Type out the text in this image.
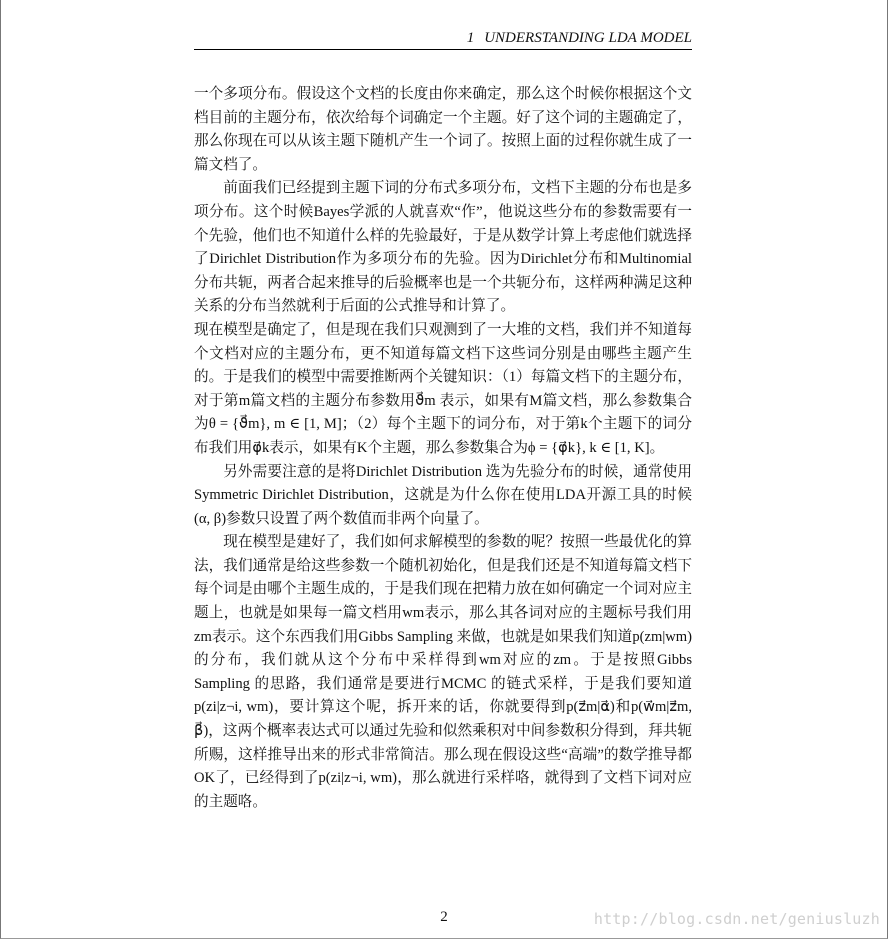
1 UNDERSTANDING LDA MODEL

一个多项分布。假设这个文档的长度由你来确定，那么这个时候你根据这个文档目前的主题分布，依次给每个词确定一个主题。好了这个词的主题确定了，那么你现在可以从该主题下随机产生一个词了。按照上面的过程你就生成了一篇文档了。

前面我们已经提到主题下词的分布式多项分布，文档下主题的分布也是多项分布。这个时候Bayes学派的人就喜欢“作”，他说这些分布的参数需要有一个先验，他们也不知道什么样的先验最好，于是从数学计算上考虑他们就选择了Dirichlet Distribution作为多项分布的先验。因为Dirichlet分布和Multinomial分布共轭，两者合起来推导的后验概率也是一个共轭分布，这样两种满足这种关系的分布当然就利于后面的公式推导和计算了。

现在模型是确定了，但是现在我们只观测到了一大堆的文档，我们并不知道每个文档对应的主题分布，更不知道每篇文档下这些词分别是由哪些主题产生的。于是我们的模型中需要推断两个关键知识：（1）每篇文档下的主题分布，对于第m篇文档的主题分布参数用ϑ⃗m 表示，如果有M篇文档，那么参数集合为θ = {ϑ⃗m}, m ∈ [1, M]；（2）每个主题下的词分布，对于第k个主题下的词分布我们用φ⃗k表示，如果有K个主题，那么参数集合为ϕ = {φ⃗k}, k ∈ [1, K]。

另外需要注意的是将Dirichlet Distribution 选为先验分布的时候，通常使用Symmetric Dirichlet Distribution，这就是为什么你在使用LDA开源工具的时候(α, β)参数只设置了两个数值而非两个向量了。

现在模型是建好了，我们如何求解模型的参数的呢？按照一些最优化的算法，我们通常是给这些参数一个随机初始化，但是我们还是不知道每篇文档下每个词是由哪个主题生成的，于是我们现在把精力放在如何确定一个词对应主题上，也就是如果每一篇文档用wm表示，那么其各词对应的主题标号我们用zm表示。这个东西我们用Gibbs Sampling 来做，也就是如果我们知道p(zm|wm)的分布，我们就从这个分布中采样得到wm对应的zm。于是按照Gibbs Sampling 的思路，我们通常是要进行MCMC 的链式采样，于是我们要知道p(zi|z¬i, wm)，要计算这个呢，拆开来的话，你就要得到p(z⃗m|α⃗)和p(w⃗m|z⃗m, β⃗)，这两个概率表达式可以通过先验和似然乘积对中间参数积分得到，拜共轭所赐，这样推导出来的形式非常简洁。那么现在假设这些“高端”的数学推导都OK了，已经得到了p(zi|z¬i, wm)，那么就进行采样咯，就得到了文档下词对应的主题咯。

2	http://blog.csdn.net/geniusluzh
